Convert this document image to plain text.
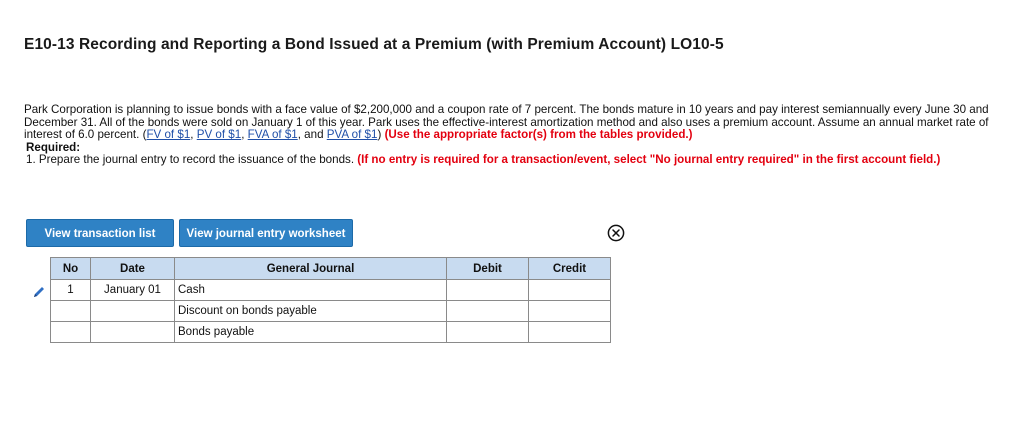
E10-13 Recording and Reporting a Bond Issued at a Premium (with Premium Account) LO10-5
Park Corporation is planning to issue bonds with a face value of $2,200,000 and a coupon rate of 7 percent. The bonds mature in 10 years and pay interest semiannually every June 30 and December 31. All of the bonds were sold on January 1 of this year. Park uses the effective-interest amortization method and also uses a premium account. Assume an annual market rate of interest of 6.0 percent. (FV of $1, PV of $1, FVA of $1, and PVA of $1) (Use the appropriate factor(s) from the tables provided.)
Required:
1. Prepare the journal entry to record the issuance of the bonds. (If no entry is required for a transaction/event, select "No journal entry required" in the first account field.)
View transaction list	View journal entry worksheet
No	Date	General Journal	Debit	Credit
1	January 01	Cash		
		Discount on bonds payable		
		Bonds payable		
